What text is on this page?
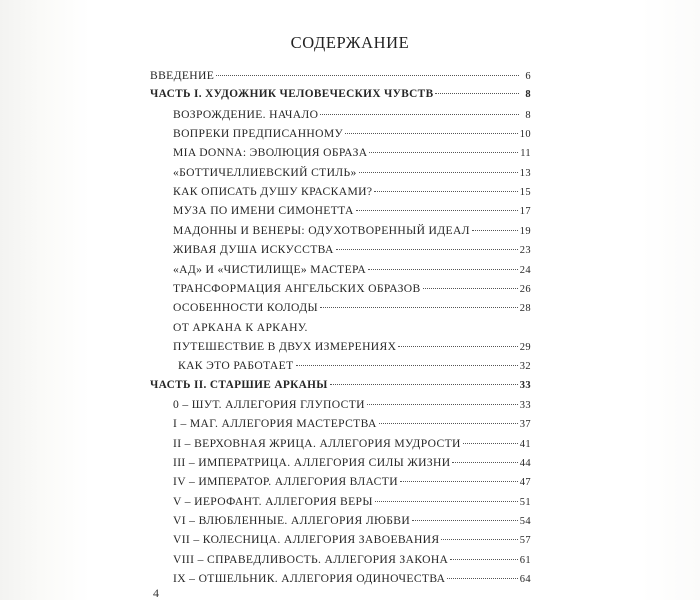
СОДЕРЖАНИЕ
ВВЕДЕНИЕ	6
ЧАСТЬ I. ХУДОЖНИК ЧЕЛОВЕЧЕСКИХ ЧУВСТВ	8
ВОЗРОЖДЕНИЕ. НАЧАЛО	8
ВОПРЕКИ ПРЕДПИСАННОМУ	10
MIA DONNA: ЭВОЛЮЦИЯ ОБРАЗА	11
«БОТТИЧЕЛЛИЕВСКИЙ СТИЛЬ»	13
КАК ОПИСАТЬ ДУШУ КРАСКАМИ?	15
МУЗА ПО ИМЕНИ СИМОНЕТТА	17
МАДОННЫ И ВЕНЕРЫ: ОДУХОТВОРЕННЫЙ ИДЕАЛ	19
ЖИВАЯ ДУША ИСКУССТВА	23
«АД» И «ЧИСТИЛИЩЕ» МАСТЕРА	24
ТРАНСФОРМАЦИЯ АНГЕЛЬСКИХ ОБРАЗОВ	26
ОСОБЕННОСТИ КОЛОДЫ	28
ОТ АРКАНА К АРКАНУ.
ПУТЕШЕСТВИЕ В ДВУХ ИЗМЕРЕНИЯХ	29
КАК ЭТО РАБОТАЕТ	32
ЧАСТЬ II. СТАРШИЕ АРКАНЫ	33
0 – ШУТ. АЛЛЕГОРИЯ ГЛУПОСТИ	33
I – МАГ. АЛЛЕГОРИЯ МАСТЕРСТВА	37
II – ВЕРХОВНАЯ ЖРИЦА. АЛЛЕГОРИЯ МУДРОСТИ	41
III – ИМПЕРАТРИЦА. АЛЛЕГОРИЯ СИЛЫ ЖИЗНИ	44
IV – ИМПЕРАТОР. АЛЛЕГОРИЯ ВЛАСТИ	47
V – ИЕРОФАНТ. АЛЛЕГОРИЯ ВЕРЫ	51
VI – ВЛЮБЛЕННЫЕ. АЛЛЕГОРИЯ ЛЮБВИ	54
VII – КОЛЕСНИЦА. АЛЛЕГОРИЯ ЗАВОЕВАНИЯ	57
VIII – СПРАВЕДЛИВОСТЬ. АЛЛЕГОРИЯ ЗАКОНА	61
IX – ОТШЕЛЬНИК. АЛЛЕГОРИЯ ОДИНОЧЕСТВА	64
4
